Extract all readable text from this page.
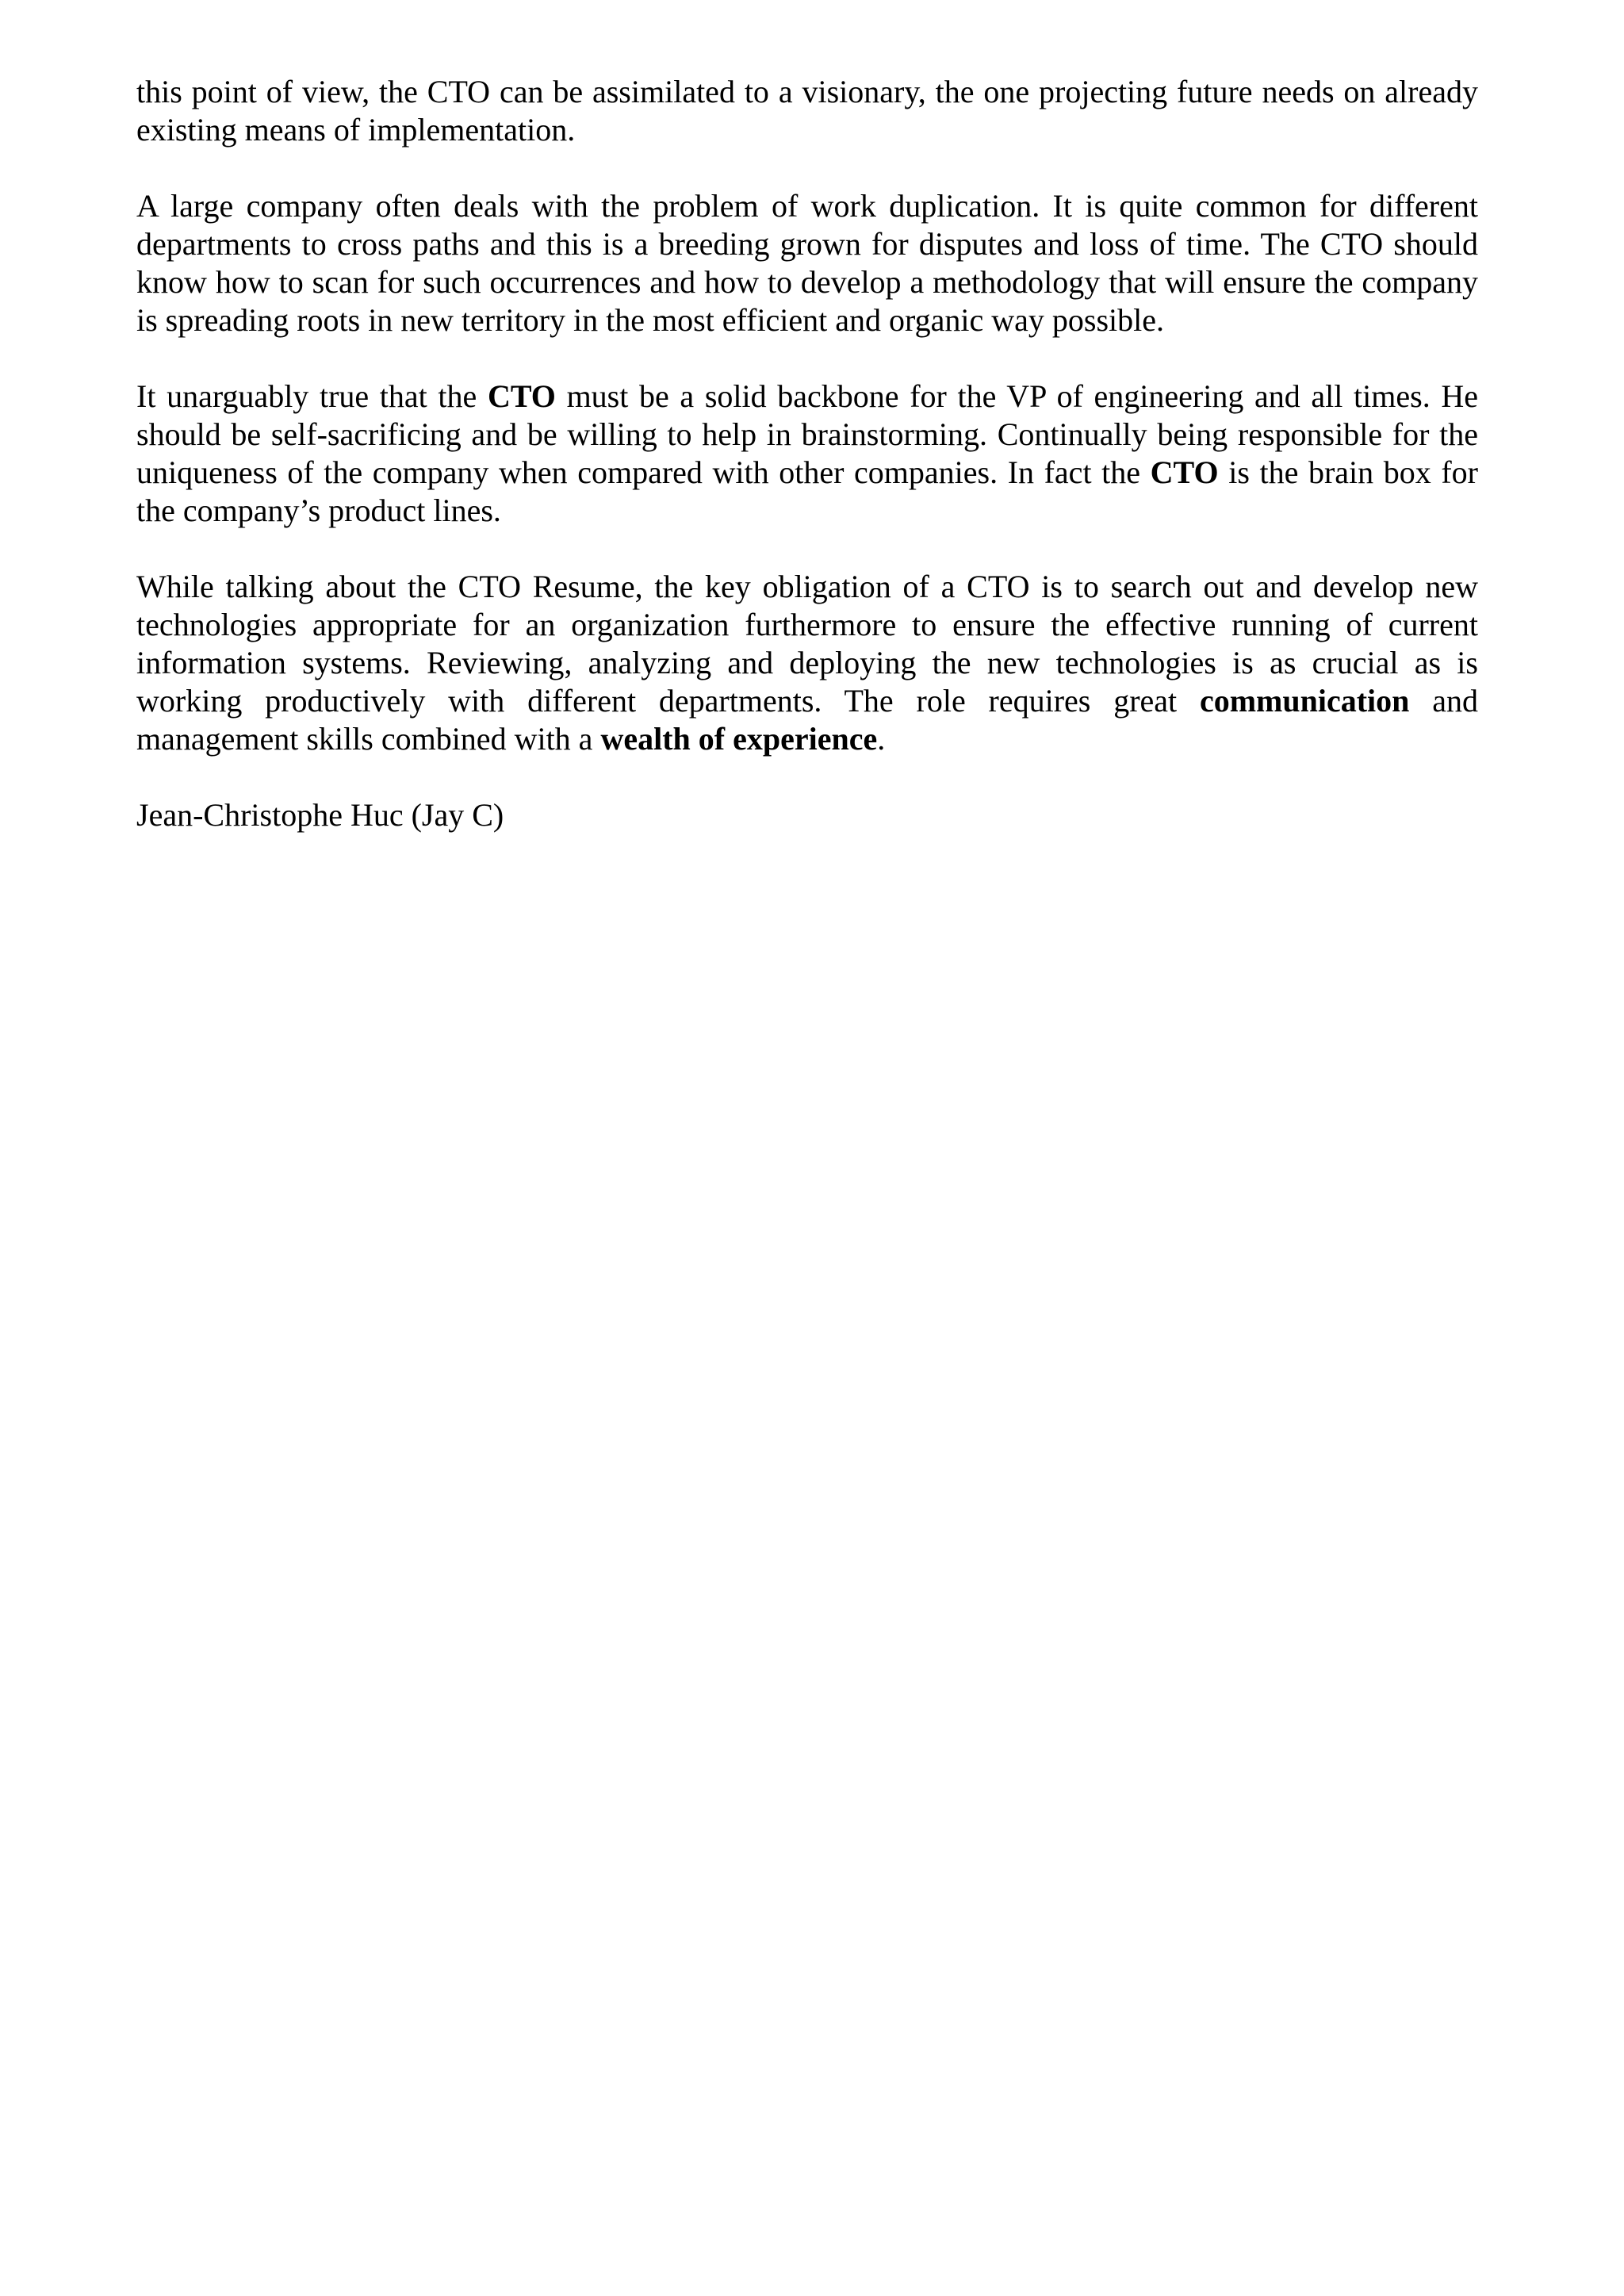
this point of view, the CTO can be assimilated to a visionary, the one projecting future needs on already existing means of implementation.

A large company often deals with the problem of work duplication. It is quite common for different departments to cross paths and this is a breeding grown for disputes and loss of time. The CTO should know how to scan for such occurrences and how to develop a methodology that will ensure the company is spreading roots in new territory in the most efficient and organic way possible.

It unarguably true that the CTO must be a solid backbone for the VP of engineering and all times. He should be self-sacrificing and be willing to help in brainstorming. Continually being responsible for the uniqueness of the company when compared with other companies. In fact the CTO is the brain box for the company’s product lines.

While talking about the CTO Resume, the key obligation of a CTO is to search out and develop new technologies appropriate for an organization furthermore to ensure the effective running of current information systems. Reviewing, analyzing and deploying the new technologies is as crucial as is working productively with different departments. The role requires great communication and management skills combined with a wealth of experience.

Jean-Christophe Huc (Jay C)
